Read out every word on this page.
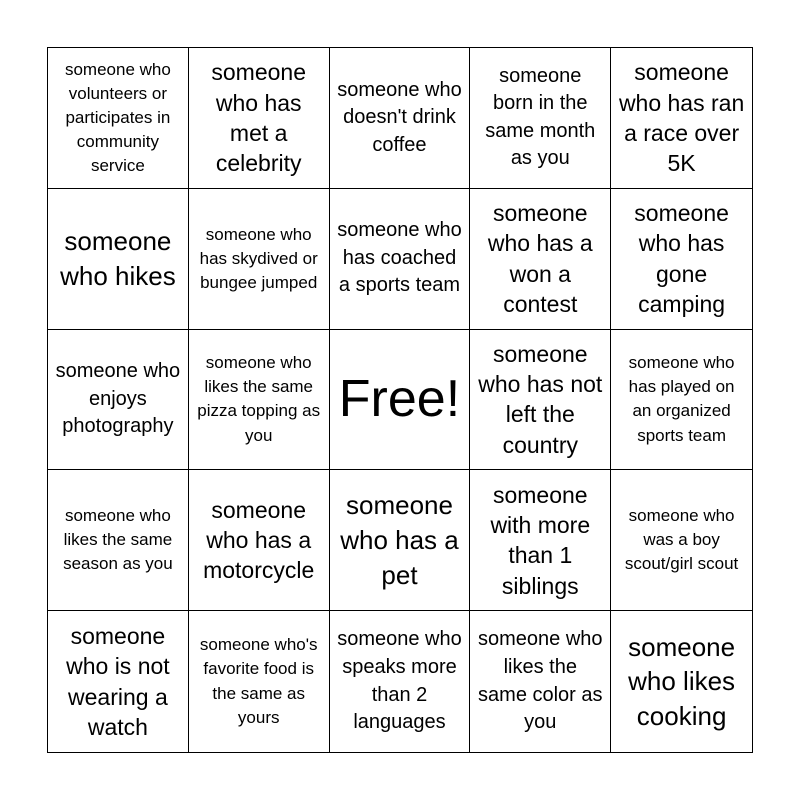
someone who volunteers or participates in community service
someone who has met a celebrity
someone who doesn't drink coffee
someone born in the same month as you
someone who has ran a race over 5K
someone who hikes
someone who has skydived or bungee jumped
someone who has coached a sports team
someone who has a won a contest
someone who has gone camping
someone who enjoys photography
someone who likes the same pizza topping as you
Free!
someone who has not left the country
someone who has played on an organized sports team
someone who likes the same season as you
someone who has a motorcycle
someone who has a pet
someone with more than 1 siblings
someone who was a boy scout/girl scout
someone who is not wearing a watch
someone who's favorite food is the same as yours
someone who speaks more than 2 languages
someone who likes the same color as you
someone who likes cooking
